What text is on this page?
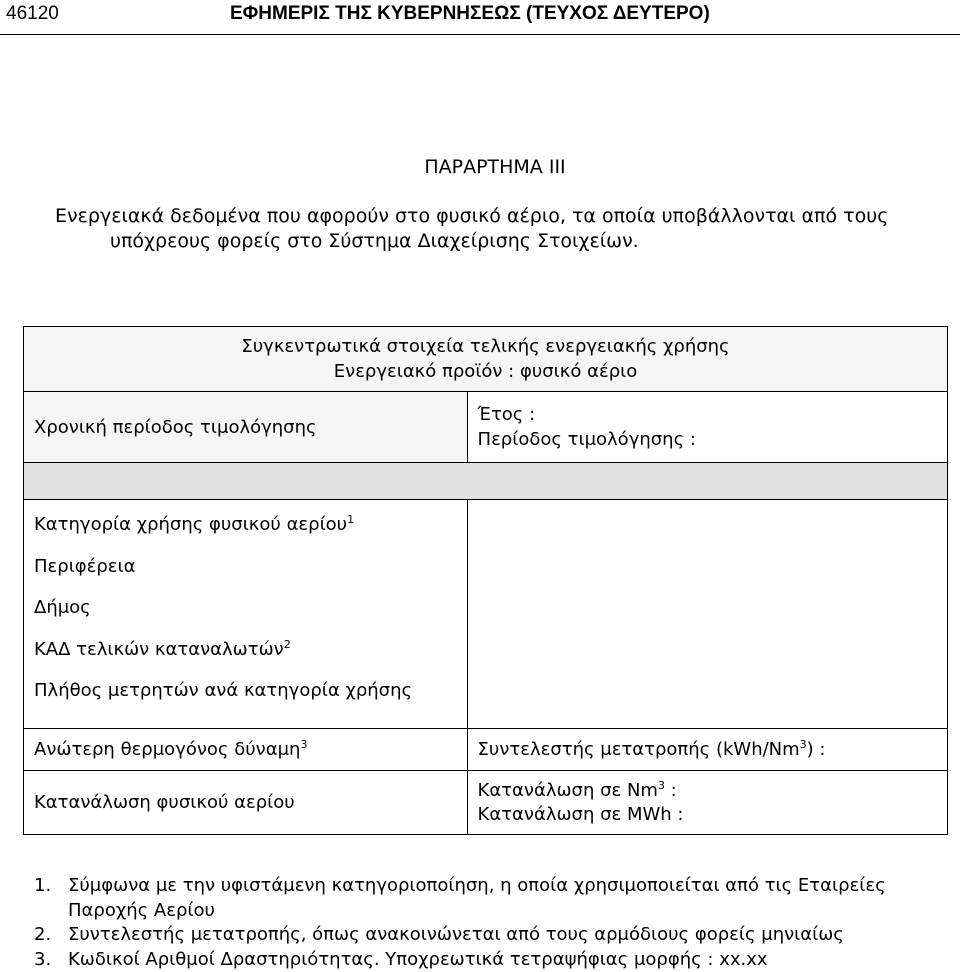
46120	ΕΦΗΜΕΡΙΣ ΤΗΣ ΚΥΒΕΡΝΗΣΕΩΣ (ΤΕΥΧΟΣ ΔΕΥΤΕΡΟ)
ΠΑΡΑΡΤΗΜΑ ΙΙΙ
Ενεργειακά δεδομένα που αφορούν στο φυσικό αέριο, τα οποία υποβάλλονται από τους
υπόχρεους φορείς στο Σύστημα Διαχείρισης Στοιχείων.
Συγκεντρωτικά στοιχεία τελικής ενεργειακής χρήσης
Ενεργειακό προϊόν : φυσικό αέριο	

Χρονική περίοδος τιμολόγησης	Έτος :
Περίοδος τιμολόγησης :

Κατηγορία χρήσης φυσικού αερίου$^1$
Περιφέρεια
Δήμος
ΚΑΔ τελικών καταναλωτών$^2$
Πλήθος μετρητών ανά κατηγορία χρήσης	

Ανώτερη θερμογόνος δύναμη$^3$	Συντελεστής μετατροπής (kWh/Nm$^3$) :
Κατανάλωση φυσικού αερίου	Κατανάλωση σε Nm$^3$ :
Κατανάλωση σε MWh :
1. Σύμφωνα με την υφιστάμενη κατηγοριοποίηση, η οποία χρησιμοποιείται από τις Εταιρείες Παροχής Αερίου
2. Συντελεστής μετατροπής, όπως ανακοινώνεται από τους αρμόδιους φορείς μηνιαίως
3. Κωδικοί Αριθμοί Δραστηριότητας. Υποχρεωτικά τετραψήφιας μορφής : xx.xx
